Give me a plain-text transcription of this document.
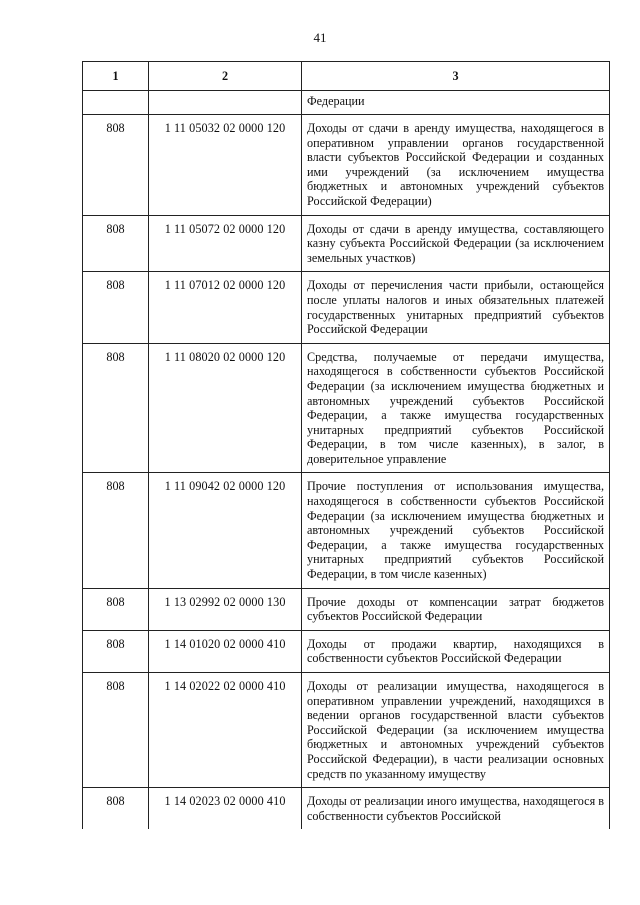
41
1	2	3
		Федерации
808	1 11 05032 02 0000 120	Доходы от сдачи в аренду имущества, находящегося в оперативном управлении органов государственной власти субъектов Российской Федерации и созданных ими учреждений (за исключением имущества бюджетных и автономных учреждений субъектов Российской Федерации)
808	1 11 05072 02 0000 120	Доходы от сдачи в аренду имущества, составляющего казну субъекта Российской Федерации (за исключением земельных участков)
808	1 11 07012 02 0000 120	Доходы от перечисления части прибыли, остающейся после уплаты налогов и иных обязательных платежей государственных унитарных предприятий субъектов Российской Федерации
808	1 11 08020 02 0000 120	Средства, получаемые от передачи имущества, находящегося в собственности субъектов Российской Федерации (за исключением имущества бюджетных и автономных учреждений субъектов Российской Федерации, а также имущества государственных унитарных предприятий субъектов Российской Федерации, в том числе казенных), в залог, в доверительное управление
808	1 11 09042 02 0000 120	Прочие поступления от использования имущества, находящегося в собственности субъектов Российской Федерации (за исключением имущества бюджетных и автономных учреждений субъектов Российской Федерации, а также имущества государственных унитарных предприятий субъектов Российской Федерации, в том числе казенных)
808	1 13 02992 02 0000 130	Прочие доходы от компенсации затрат бюджетов субъектов Российской Федерации
808	1 14 01020 02 0000 410	Доходы от продажи квартир, находящихся в собственности субъектов Российской Федерации
808	1 14 02022 02 0000 410	Доходы от реализации имущества, находящегося в оперативном управлении учреждений, находящихся в ведении органов государственной власти субъектов Российской Федерации (за исключением имущества бюджетных и автономных учреждений субъектов Российской Федерации), в части реализации основных средств по указанному имуществу
808	1 14 02023 02 0000 410	Доходы от реализации иного имущества, находящегося в собственности субъектов Российской
